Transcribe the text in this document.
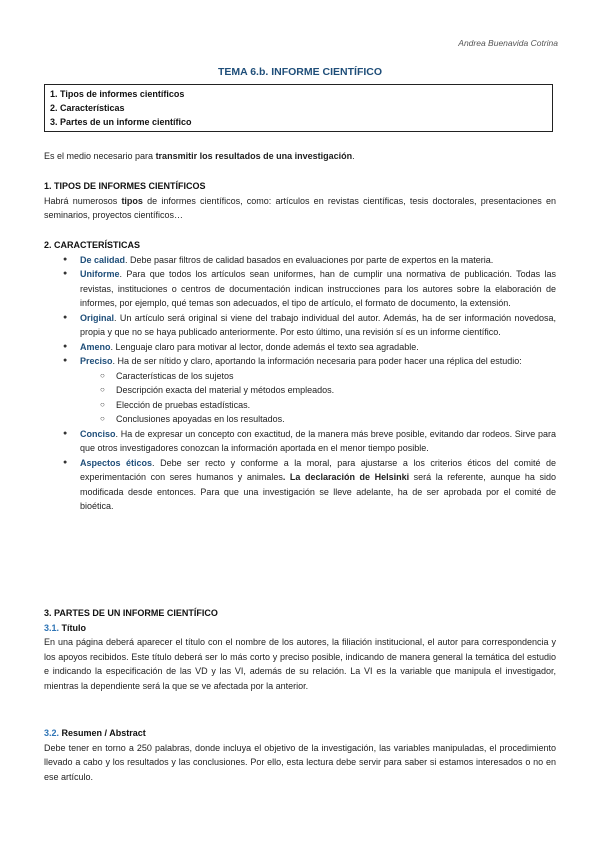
Andrea Buenavida Cotrina
TEMA 6.b. INFORME CIENTÍFICO
1. Tipos de informes científicos
2. Características
3. Partes de un informe científico
Es el medio necesario para transmitir los resultados de una investigación.
1. TIPOS DE INFORMES CIENTÍFICOS
Habrá numerosos tipos de informes científicos, como: artículos en revistas científicas, tesis doctorales, presentaciones en seminarios, proyectos científicos…
2. CARACTERÍSTICAS
● De calidad. Debe pasar filtros de calidad basados en evaluaciones por parte de expertos en la materia.
● Uniforme. Para que todos los artículos sean uniformes, han de cumplir una normativa de publicación. Todas las revistas, instituciones o centros de documentación indican instrucciones para los autores sobre la elaboración de informes, por ejemplo, qué temas son adecuados, el tipo de artículo, el formato de documento, la extensión.
● Original. Un artículo será original si viene del trabajo individual del autor. Además, ha de ser información novedosa, propia y que no se haya publicado anteriormente. Por esto último, una revisión sí es un informe científico.
● Ameno. Lenguaje claro para motivar al lector, donde además el texto sea agradable.
● Preciso. Ha de ser nítido y claro, aportando la información necesaria para poder hacer una réplica del estudio:
○ Características de los sujetos
○ Descripción exacta del material y métodos empleados.
○ Elección de pruebas estadísticas.
○ Conclusiones apoyadas en los resultados.
● Conciso. Ha de expresar un concepto con exactitud, de la manera más breve posible, evitando dar rodeos. Sirve para que otros investigadores conozcan la información aportada en el menor tiempo posible.
● Aspectos éticos. Debe ser recto y conforme a la moral, para ajustarse a los criterios éticos del comité de experimentación con seres humanos y animales. La declaración de Helsinki será la referente, aunque ha sido modificada desde entonces. Para que una investigación se lleve adelante, ha de ser aprobada por el comité de bioética.
3. PARTES DE UN INFORME CIENTÍFICO
3.1. Título
En una página deberá aparecer el título con el nombre de los autores, la filiación institucional, el autor para correspondencia y los apoyos recibidos. Este título deberá ser lo más corto y preciso posible, indicando de manera general la temática del estudio e indicando la especificación de las VD y las VI, además de su relación. La VI es la variable que manipula el investigador, mientras la dependiente será la que se ve afectada por la anterior.
3.2. Resumen / Abstract
Debe tener en torno a 250 palabras, donde incluya el objetivo de la investigación, las variables manipuladas, el procedimiento llevado a cabo y los resultados y las conclusiones. Por ello, esta lectura debe servir para saber si estamos interesados o no en ese artículo.
